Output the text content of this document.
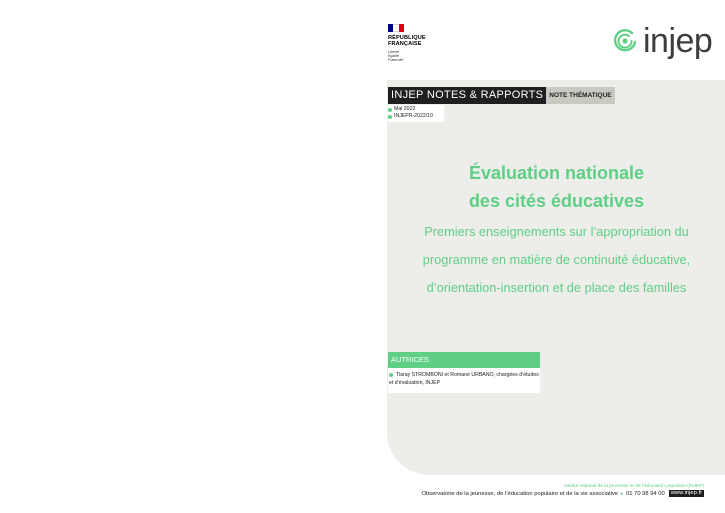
RÉPUBLIQUE
FRANÇAISE
Liberté
Égalité
Fraternité
injep
INJEP NOTES & RAPPORTS NOTE THÉMATIQUE
Mai 2022
INJEPR-2022/10
Évaluation nationale
des cités éducatives
Premiers enseignements sur l’appropriation du
programme en matière de continuité éducative,
d’orientation-insertion et de place des familles
AUTRICES
Tiaray STROMBONI et Romane URBANO, chargées d’études et d’évaluation, INJEP
Institut national de la jeunesse et de l’éducation populaire (INJEP)
Observatoire de la jeunesse, de l’éducation populaire et de la vie associative ● 01 70 98 94 00	www.injep.fr
